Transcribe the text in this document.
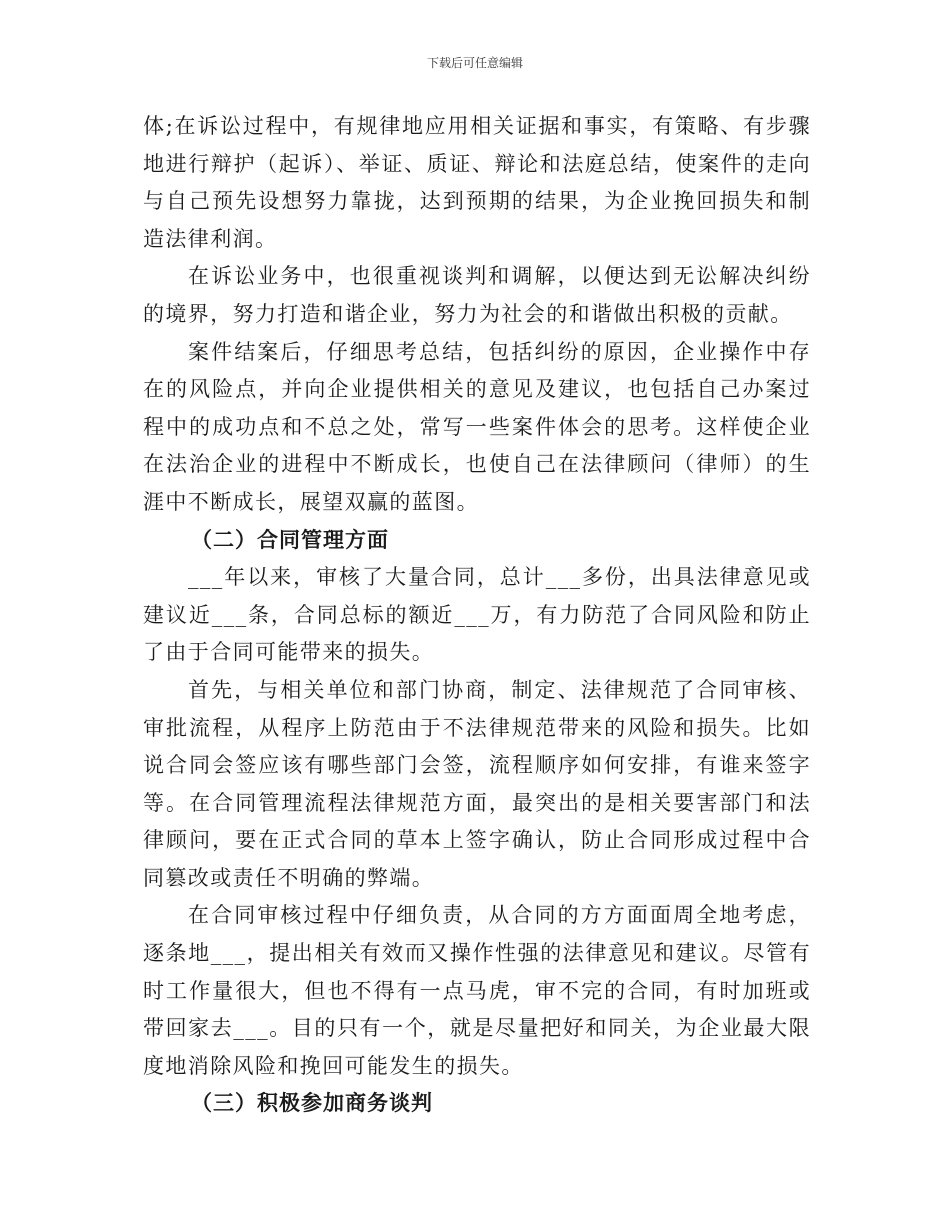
下载后可任意编辑

体;在诉讼过程中，有规律地应用相关证据和事实，有策略、有步骤地进行辩护（起诉）、举证、质证、辩论和法庭总结，使案件的走向与自己预先设想努力靠拢，达到预期的结果，为企业挽回损失和制造法律利润。

在诉讼业务中，也很重视谈判和调解，以便达到无讼解决纠纷的境界，努力打造和谐企业，努力为社会的和谐做出积极的贡献。

案件结案后，仔细思考总结，包括纠纷的原因，企业操作中存在的风险点，并向企业提供相关的意见及建议，也包括自己办案过程中的成功点和不总之处，常写一些案件体会的思考。这样使企业在法治企业的进程中不断成长，也使自己在法律顾问（律师）的生涯中不断成长，展望双赢的蓝图。

（二）合同管理方面

___年以来，审核了大量合同，总计___多份，出具法律意见或建议近___条，合同总标的额近___万，有力防范了合同风险和防止了由于合同可能带来的损失。

首先，与相关单位和部门协商，制定、法律规范了合同审核、审批流程，从程序上防范由于不法律规范带来的风险和损失。比如说合同会签应该有哪些部门会签，流程顺序如何安排，有谁来签字等。在合同管理流程法律规范方面，最突出的是相关要害部门和法律顾问，要在正式合同的草本上签字确认，防止合同形成过程中合同篡改或责任不明确的弊端。

在合同审核过程中仔细负责，从合同的方方面面周全地考虑，逐条地___，提出相关有效而又操作性强的法律意见和建议。尽管有时工作量很大，但也不得有一点马虎，审不完的合同，有时加班或带回家去___。目的只有一个，就是尽量把好和同关，为企业最大限度地消除风险和挽回可能发生的损失。

（三）积极参加商务谈判
